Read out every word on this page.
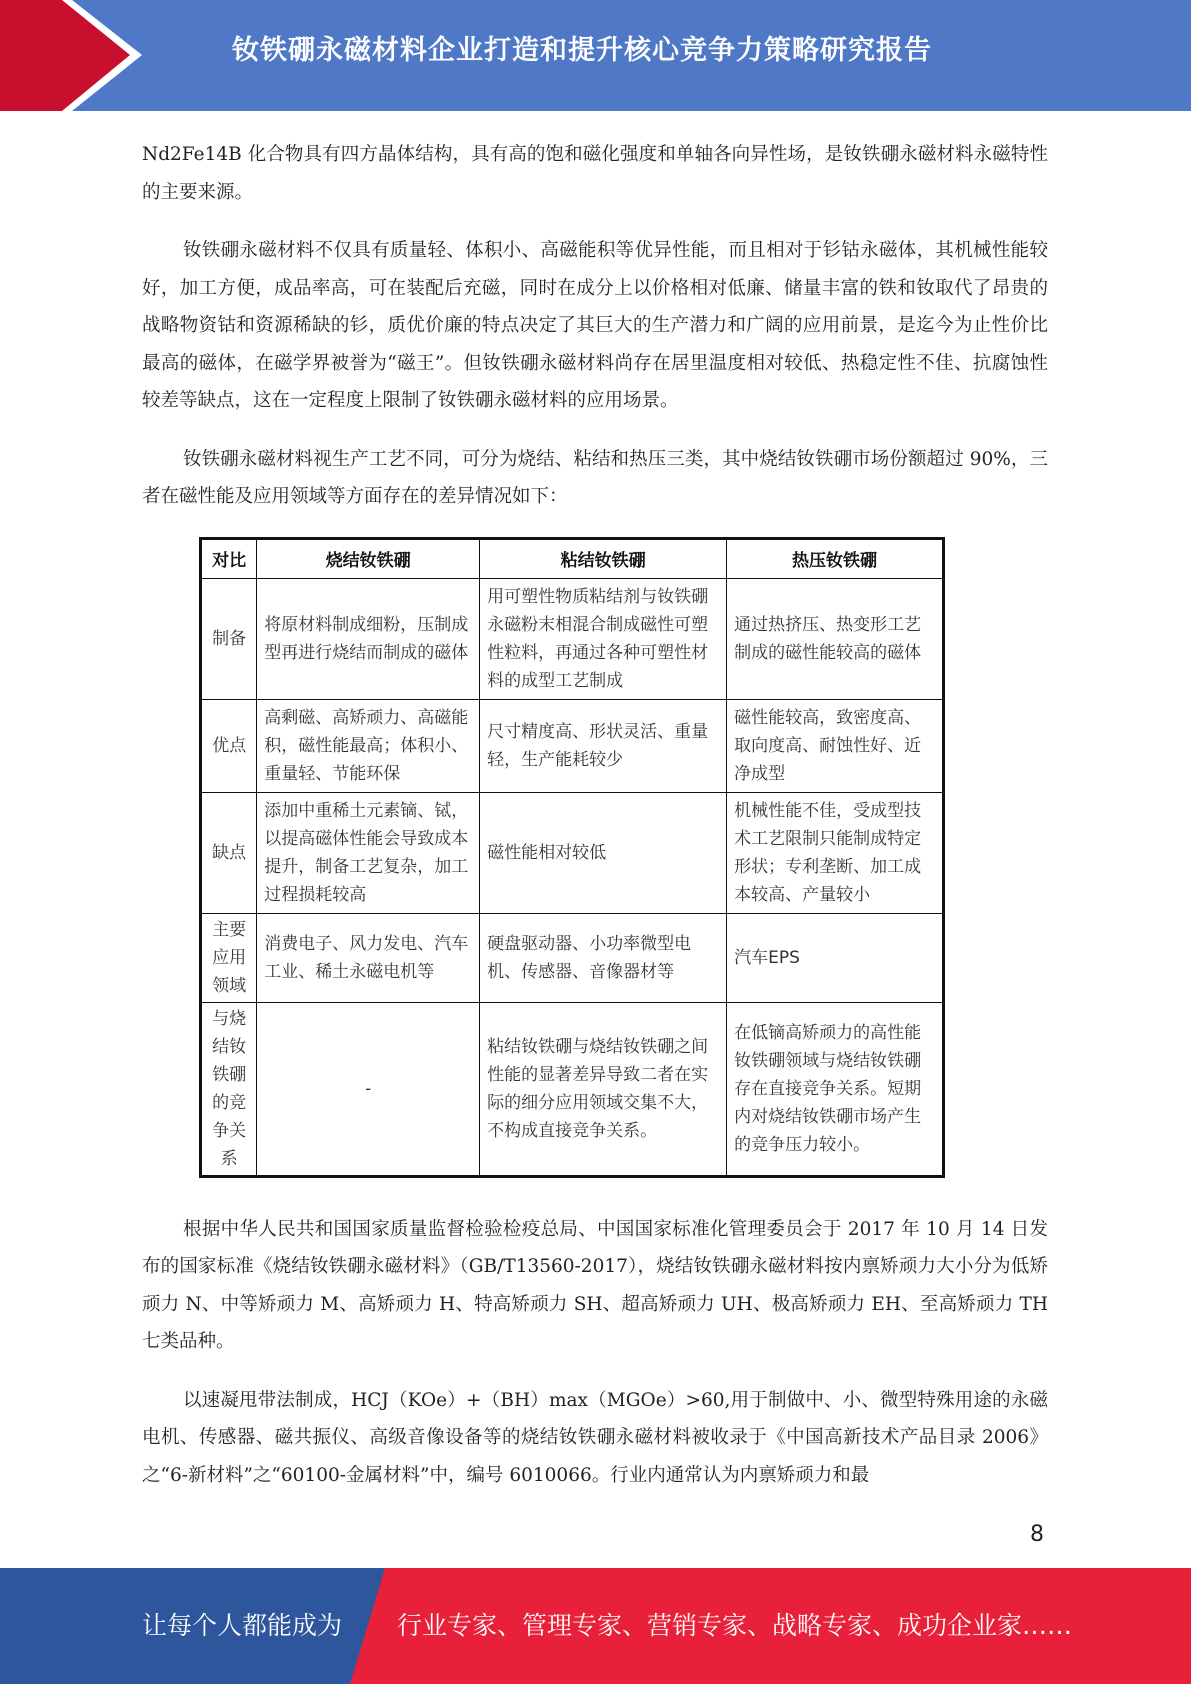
钕铁硼永磁材料企业打造和提升核心竞争力策略研究报告

Nd2Fe14B 化合物具有四方晶体结构，具有高的饱和磁化强度和单轴各向异性场，是钕铁硼永磁材料永磁特性的主要来源。

钕铁硼永磁材料不仅具有质量轻、体积小、高磁能积等优异性能，而且相对于钐钴永磁体，其机械性能较好，加工方便，成品率高，可在装配后充磁，同时在成分上以价格相对低廉、储量丰富的铁和钕取代了昂贵的战略物资钴和资源稀缺的钐，质优价廉的特点决定了其巨大的生产潜力和广阔的应用前景，是迄今为止性价比最高的磁体，在磁学界被誉为“磁王”。但钕铁硼永磁材料尚存在居里温度相对较低、热稳定性不佳、抗腐蚀性较差等缺点，这在一定程度上限制了钕铁硼永磁材料的应用场景。

钕铁硼永磁材料视生产工艺不同，可分为烧结、粘结和热压三类，其中烧结钕铁硼市场份额超过 90%，三者在磁性能及应用领域等方面存在的差异情况如下：

对比	烧结钕铁硼	粘结钕铁硼	热压钕铁硼
制备	将原材料制成细粉，压制成型再进行烧结而制成的磁体	用可塑性物质粘结剂与钕铁硼永磁粉末相混合制成磁性可塑性粒料，再通过各种可塑性材料的成型工艺制成	通过热挤压、热变形工艺制成的磁性能较高的磁体
优点	高剩磁、高矫顽力、高磁能积，磁性能最高；体积小、重量轻、节能环保	尺寸精度高、形状灵活、重量轻，生产能耗较少	磁性能较高，致密度高、取向度高、耐蚀性好、近净成型
缺点	添加中重稀土元素镝、铽，以提高磁体性能会导致成本提升，制备工艺复杂，加工过程损耗较高	磁性能相对较低	机械性能不佳，受成型技术工艺限制只能制成特定形状；专利垄断、加工成本较高、产量较小
主要应用领域	消费电子、风力发电、汽车工业、稀土永磁电机等	硬盘驱动器、小功率微型电机、传感器、音像器材等	汽车EPS
与烧结钕铁硼的竞争关系	-	粘结钕铁硼与烧结钕铁硼之间性能的显著差异导致二者在实际的细分应用领域交集不大，不构成直接竞争关系。	在低镝高矫顽力的高性能钕铁硼领域与烧结钕铁硼存在直接竞争关系。短期内对烧结钕铁硼市场产生的竞争压力较小。

根据中华人民共和国国家质量监督检验检疫总局、中国国家标准化管理委员会于 2017 年 10 月 14 日发布的国家标准《烧结钕铁硼永磁材料》（GB/T13560-2017），烧结钕铁硼永磁材料按内禀矫顽力大小分为低矫顽力 N、中等矫顽力 M、高矫顽力 H、特高矫顽力 SH、超高矫顽力 UH、极高矫顽力 EH、至高矫顽力 TH 七类品种。

以速凝甩带法制成，HCJ（KOe）+（BH）max（MGOe）>60,用于制做中、小、微型特殊用途的永磁电机、传感器、磁共振仪、高级音像设备等的烧结钕铁硼永磁材料被收录于《中国高新技术产品目录 2006》之“6-新材料”之“60100-金属材料”中，编号 6010066。行业内通常认为内禀矫顽力和最

8
让每个人都能成为 行业专家、管理专家、营销专家、战略专家、成功企业家……
